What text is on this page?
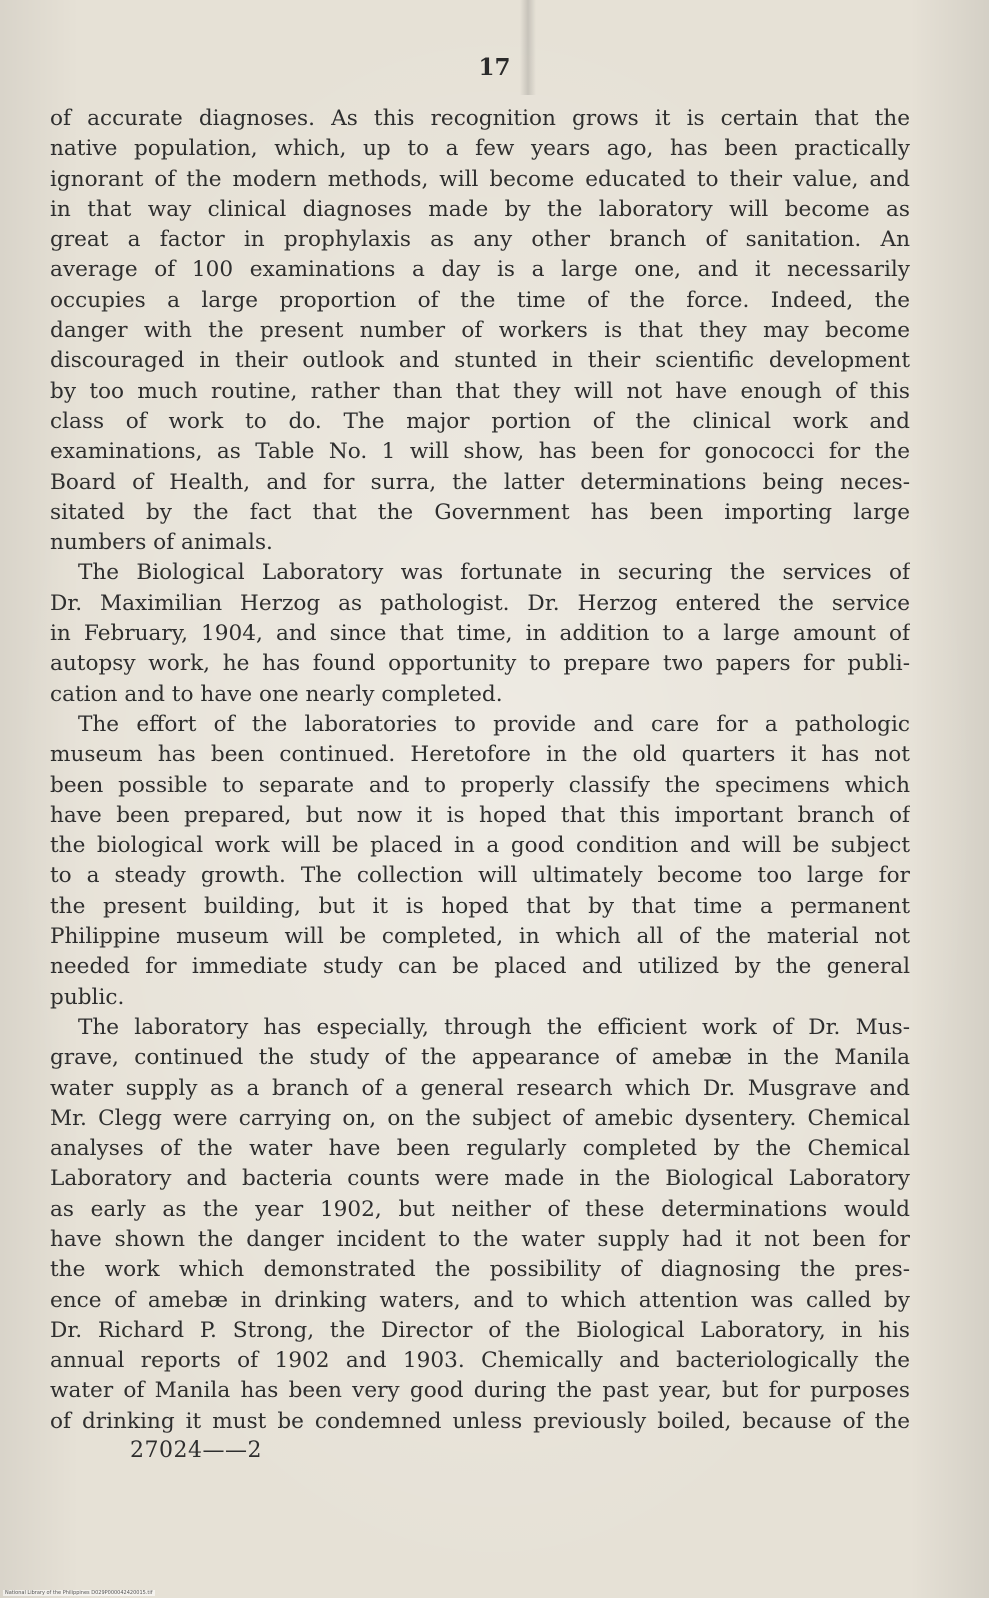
17
of accurate diagnoses. As this recognition grows it is certain that the
native population, which, up to a few years ago, has been practically
ignorant of the modern methods, will become educated to their value, and
in that way clinical diagnoses made by the laboratory will become as
great a factor in prophylaxis as any other branch of sanitation. An
average of 100 examinations a day is a large one, and it necessarily
occupies a large proportion of the time of the force. Indeed, the
danger with the present number of workers is that they may become
discouraged in their outlook and stunted in their scientific development
by too much routine, rather than that they will not have enough of this
class of work to do. The major portion of the clinical work and
examinations, as Table No. 1 will show, has been for gonococci for the
Board of Health, and for surra, the latter determinations being neces-
sitated by the fact that the Government has been importing large
numbers of animals.
The Biological Laboratory was fortunate in securing the services of
Dr. Maximilian Herzog as pathologist. Dr. Herzog entered the service
in February, 1904, and since that time, in addition to a large amount of
autopsy work, he has found opportunity to prepare two papers for publi-
cation and to have one nearly completed.
The effort of the laboratories to provide and care for a pathologic
museum has been continued. Heretofore in the old quarters it has not
been possible to separate and to properly classify the specimens which
have been prepared, but now it is hoped that this important branch of
the biological work will be placed in a good condition and will be subject
to a steady growth. The collection will ultimately become too large for
the present building, but it is hoped that by that time a permanent
Philippine museum will be completed, in which all of the material not
needed for immediate study can be placed and utilized by the general
public.
The laboratory has especially, through the efficient work of Dr. Mus-
grave, continued the study of the appearance of amebæ in the Manila
water supply as a branch of a general research which Dr. Musgrave and
Mr. Clegg were carrying on, on the subject of amebic dysentery. Chemical
analyses of the water have been regularly completed by the Chemical
Laboratory and bacteria counts were made in the Biological Laboratory
as early as the year 1902, but neither of these determinations would
have shown the danger incident to the water supply had it not been for
the work which demonstrated the possibility of diagnosing the pres-
ence of amebæ in drinking waters, and to which attention was called by
Dr. Richard P. Strong, the Director of the Biological Laboratory, in his
annual reports of 1902 and 1903. Chemically and bacteriologically the
water of Manila has been very good during the past year, but for purposes
of drinking it must be condemned unless previously boiled, because of the
27024——2
National Library of the Philippines D029P000042420015.tif
